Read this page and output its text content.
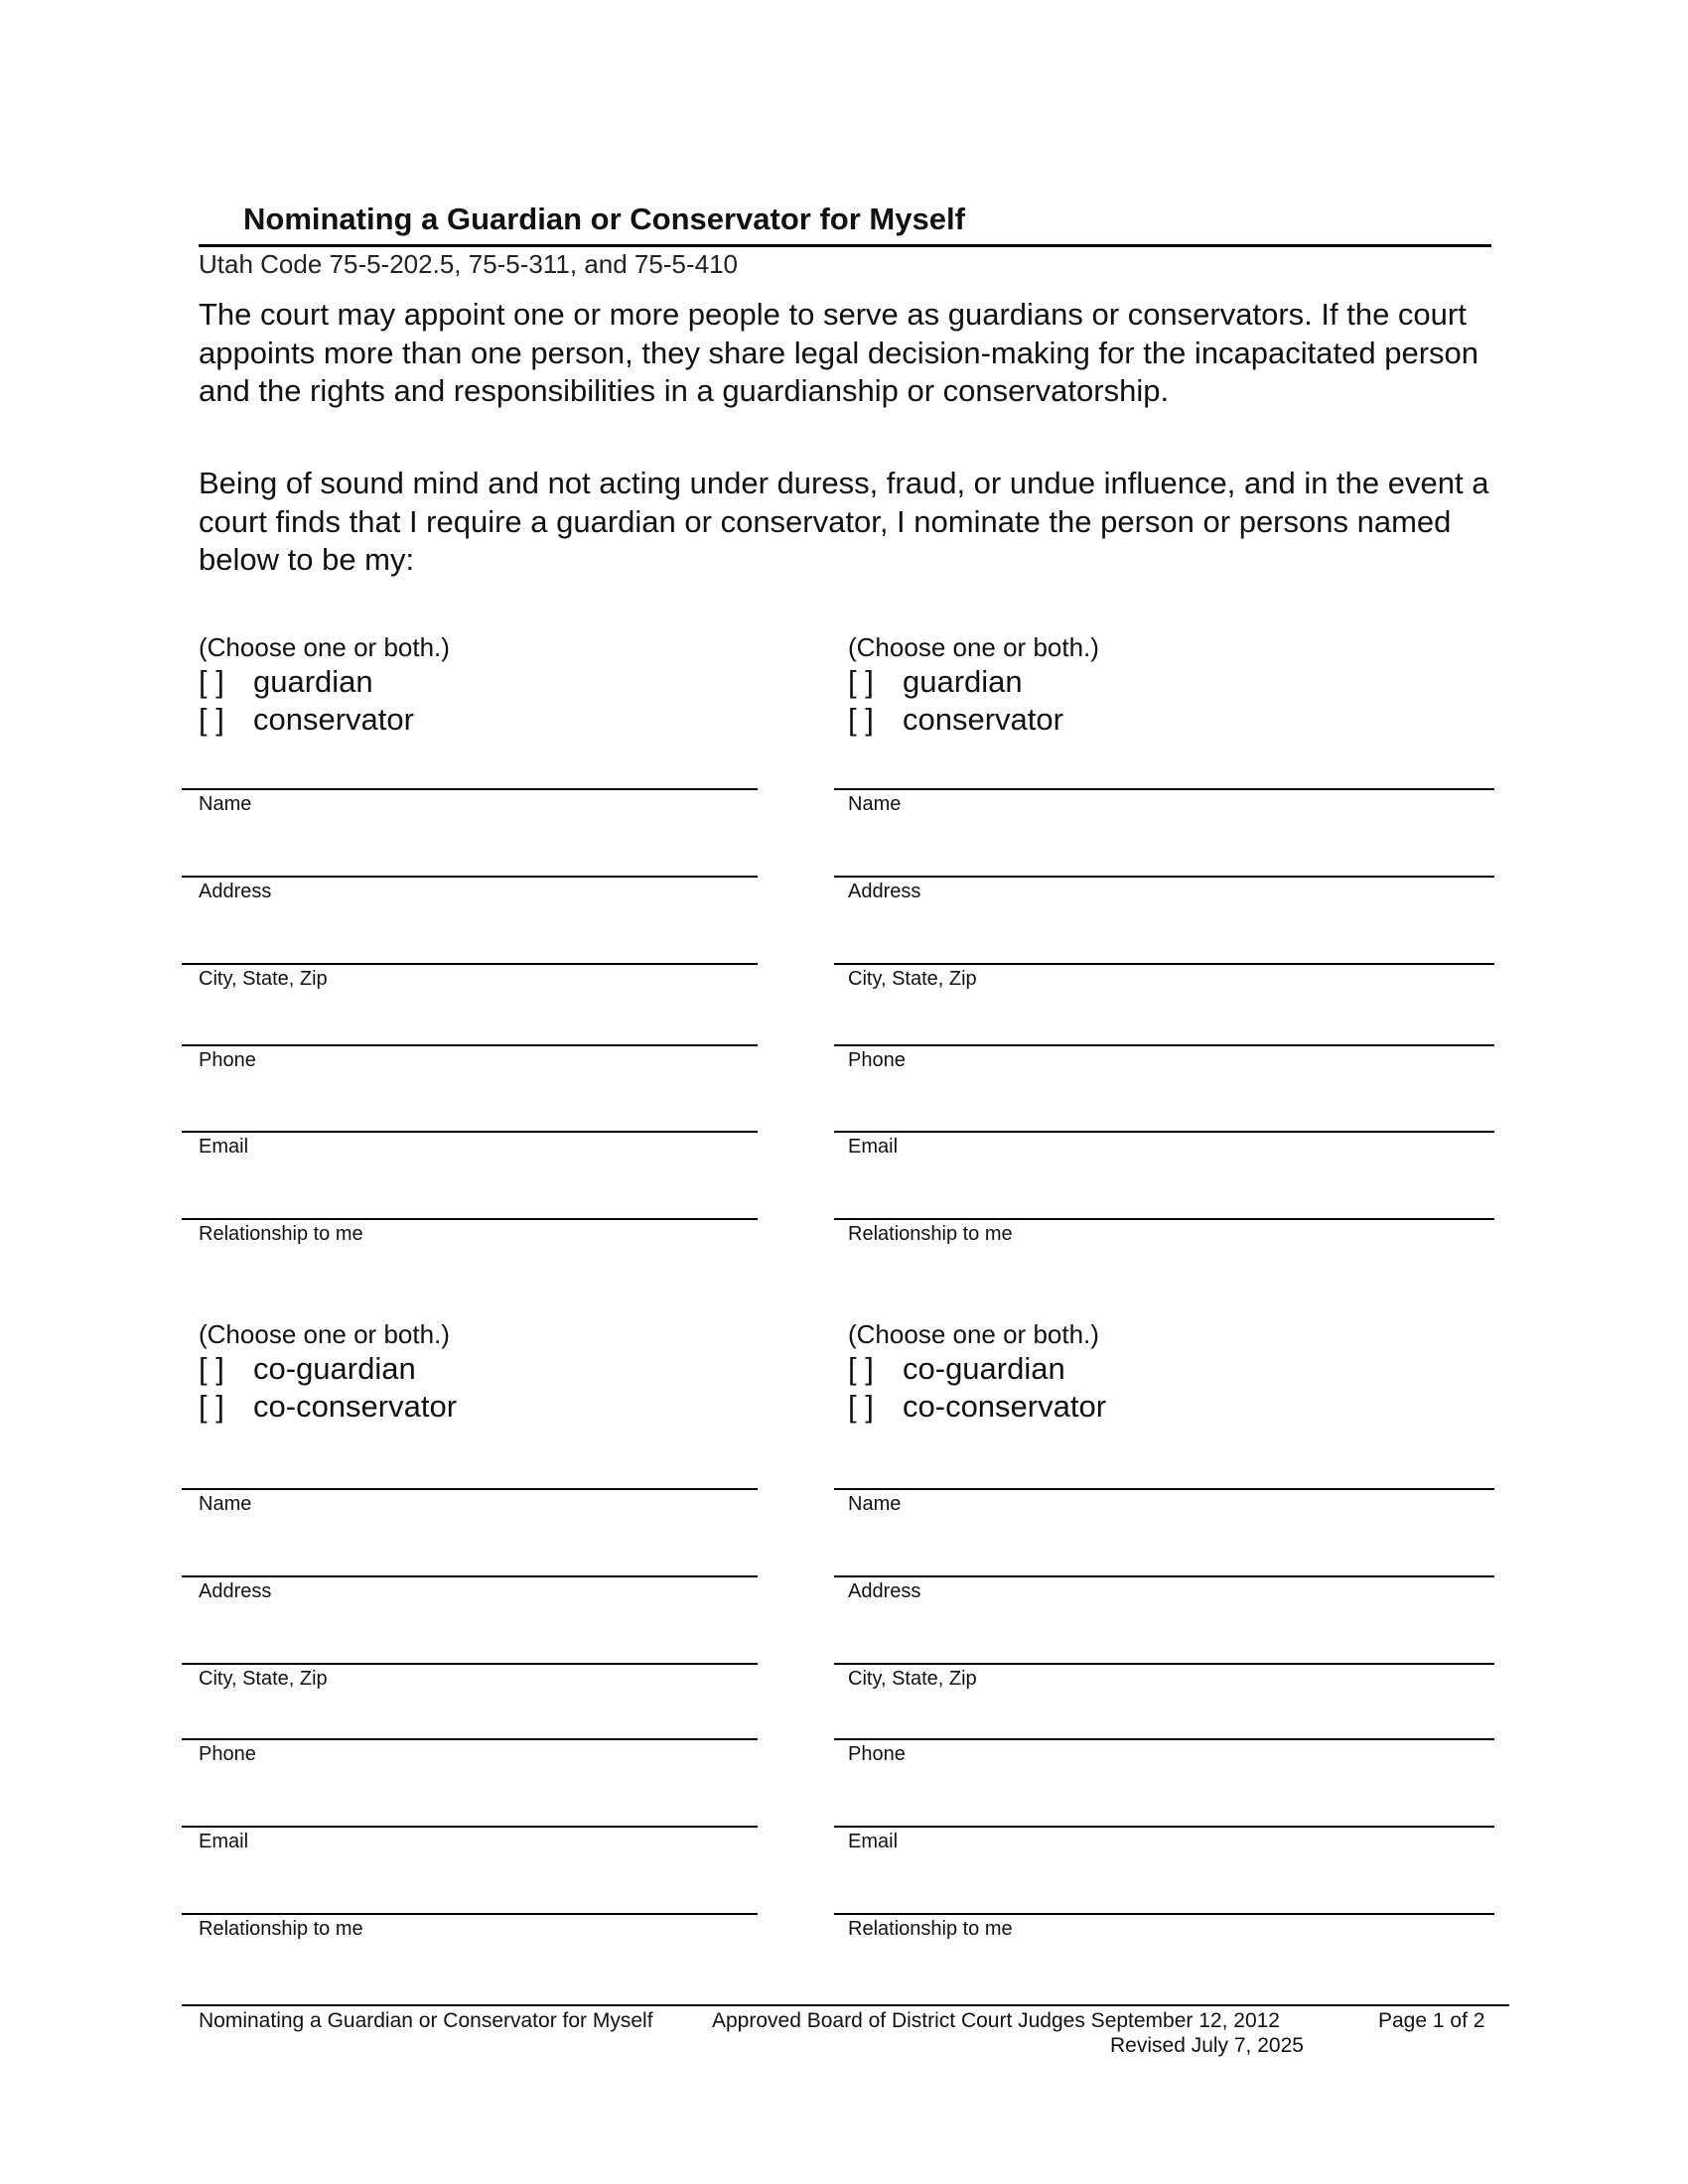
Nominating a Guardian or Conservator for Myself
Utah Code 75-5-202.5, 75-5-311, and 75-5-410
The court may appoint one or more people to serve as guardians or conservators. If the court appoints more than one person, they share legal decision-making for the incapacitated person and the rights and responsibilities in a guardianship or conservatorship.
Being of sound mind and not acting under duress, fraud, or undue influence, and in the event a court finds that I require a guardian or conservator, I nominate the person or persons named below to be my:
(Choose one or both.)
[ ] guardian
[ ] conservator
Name
Address
City, State, Zip
Phone
Email
Relationship to me
(Choose one or both.)
[ ] guardian
[ ] conservator
Name
Address
City, State, Zip
Phone
Email
Relationship to me
(Choose one or both.)
[ ] co-guardian
[ ] co-conservator
Name
Address
City, State, Zip
Phone
Email
Relationship to me
(Choose one or both.)
[ ] co-guardian
[ ] co-conservator
Name
Address
City, State, Zip
Phone
Email
Relationship to me
Nominating a Guardian or Conservator for Myself	Approved Board of District Court Judges September 12, 2012
Revised July 7, 2025
Page 1 of 2
